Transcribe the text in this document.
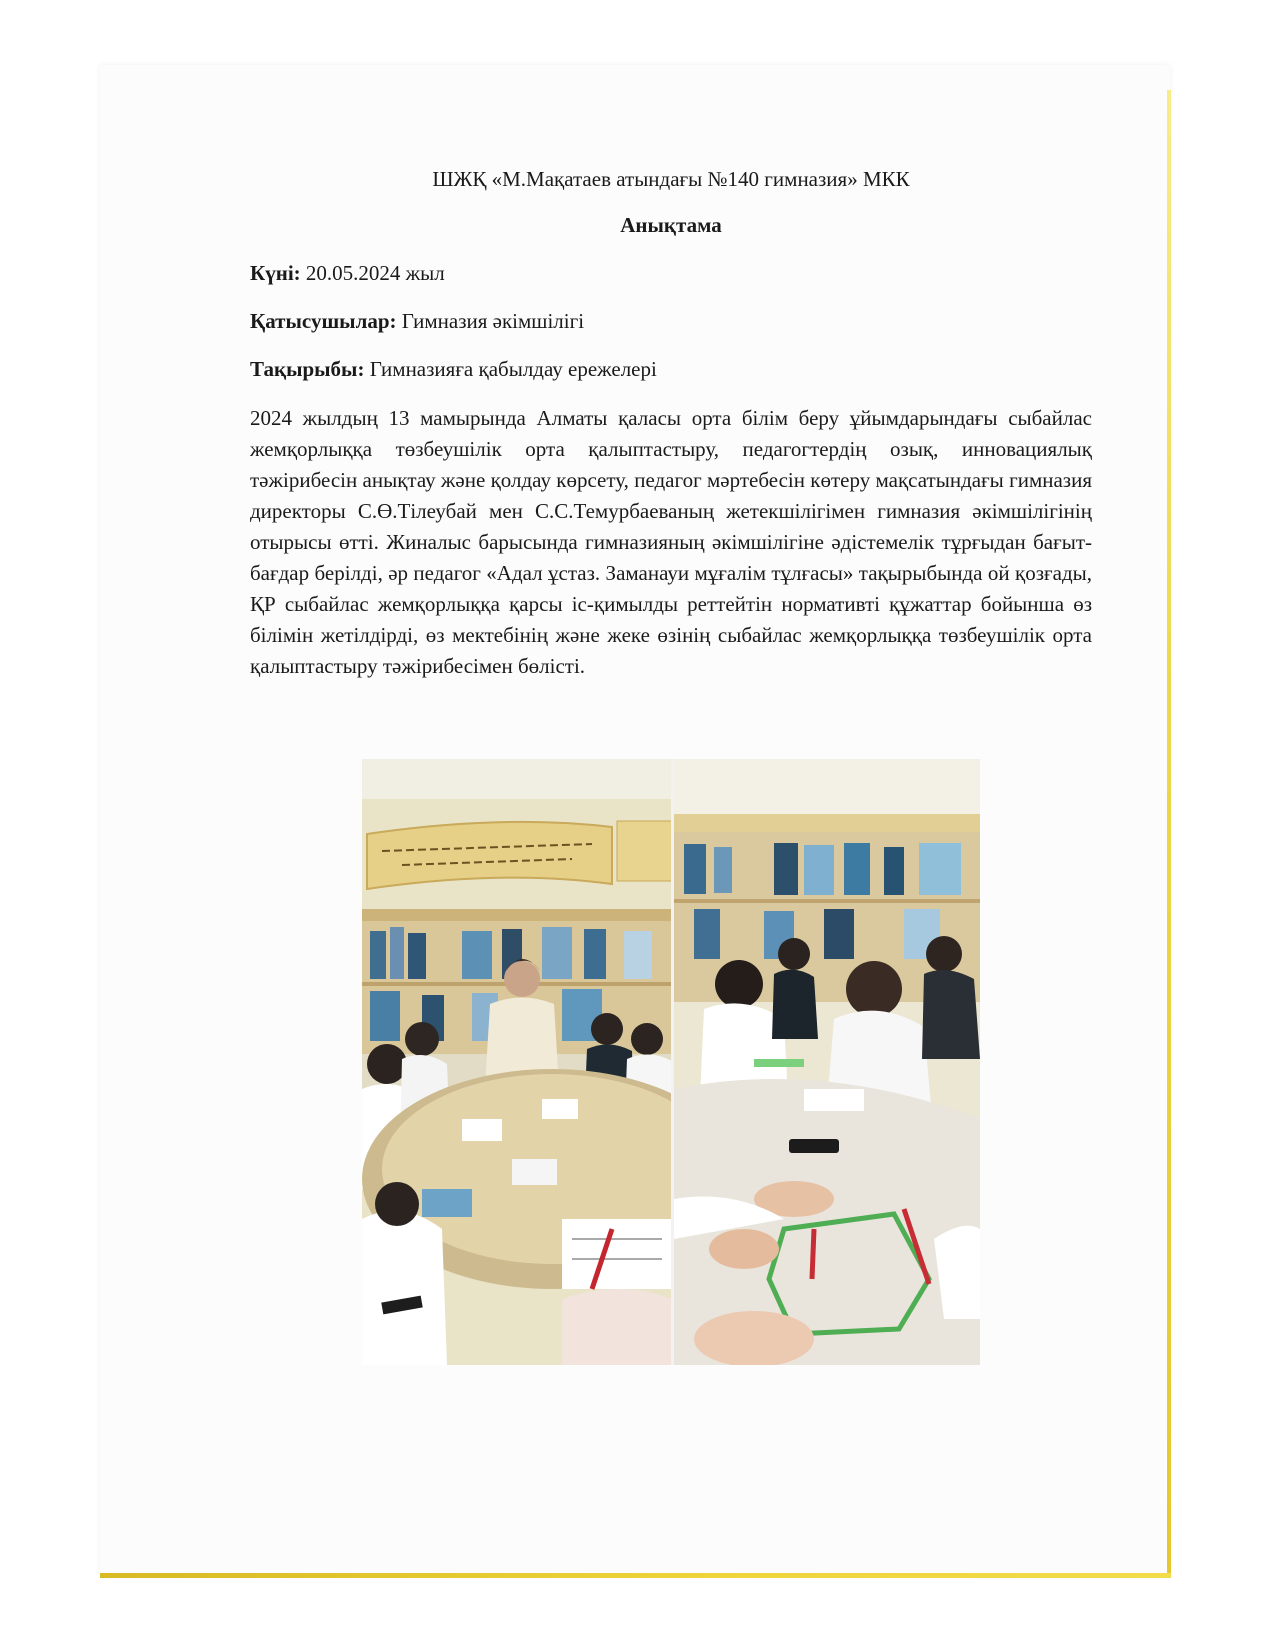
ШЖҚ «М.Мақатаев атындағы №140 гимназия» МКК

Анықтама

Күні: 20.05.2024 жыл

Қатысушылар: Гимназия әкімшілігі

Тақырыбы: Гимназияға қабылдау ережелері

2024 жылдың 13 мамырында Алматы қаласы орта білім беру ұйымдарындағы сыбайлас жемқорлыққа төзбеушілік орта қалыптастыру, педагогтердің озық, инновациялық тәжірибесін анықтау және қолдау көрсету, педагог мәртебесін көтеру мақсатындағы гимназия директоры С.Ө.Тілеубай мен С.С.Темурбаеваның жетекшілігімен гимназия әкімшілігінің отырысы өтті. Жиналыс барысында гимназияның әкімшілігіне әдістемелік тұрғыдан бағыт-бағдар берілді, әр педагог «Адал ұстаз. Заманауи мұғалім тұлғасы» тақырыбында ой қозғады, ҚР сыбайлас жемқорлыққа қарсы іс-қимылды реттейтін нормативті құжаттар бойынша өз білімін жетілдірді, өз мектебінің және жеке өзінің сыбайлас жемқорлыққа төзбеушілік орта қалыптастыру тәжірибесімен бөлісті.
